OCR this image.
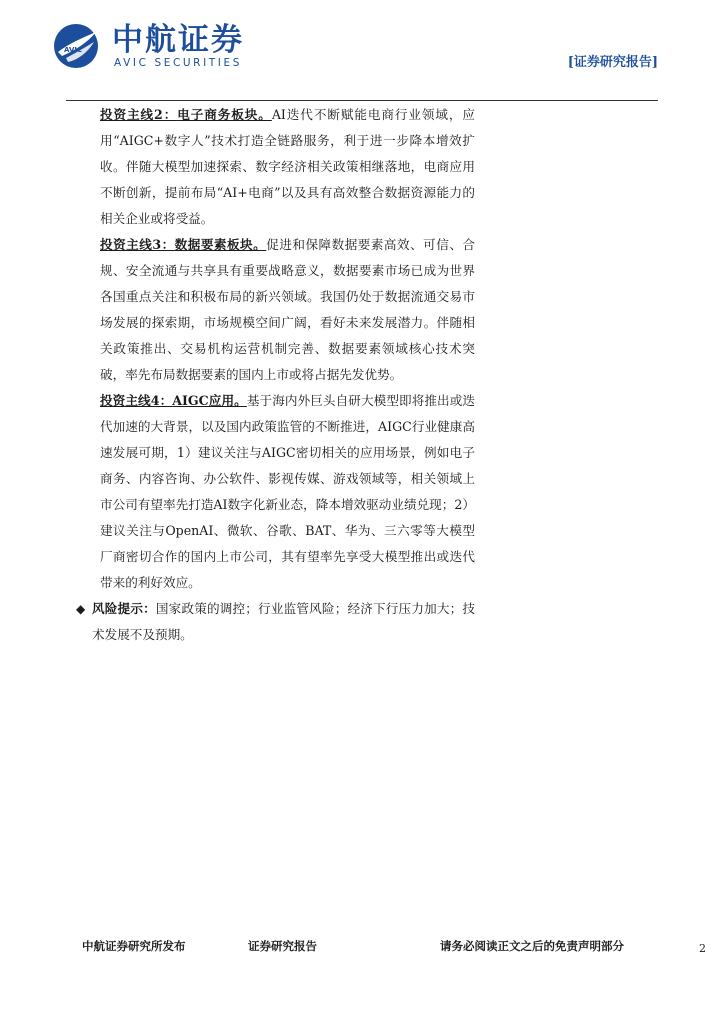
AVIC 中航证券
AVIC SECURITIES	[证券研究报告]

投资主线2：电子商务板块。AI迭代不断赋能电商行业领域，应用“AIGC+数字人”技术打造全链路服务，利于进一步降本增效扩收。伴随大模型加速探索、数字经济相关政策相继落地，电商应用不断创新，提前布局“AI+电商”以及具有高效整合数据资源能力的相关企业或将受益。

投资主线3：数据要素板块。促进和保障数据要素高效、可信、合规、安全流通与共享具有重要战略意义，数据要素市场已成为世界各国重点关注和积极布局的新兴领域。我国仍处于数据流通交易市场发展的探索期，市场规模空间广阔，看好未来发展潜力。伴随相关政策推出、交易机构运营机制完善、数据要素领域核心技术突破，率先布局数据要素的国内上市或将占据先发优势。

投资主线4：AIGC应用。基于海内外巨头自研大模型即将推出或迭代加速的大背景，以及国内政策监管的不断推进，AIGC行业健康高速发展可期，1）建议关注与AIGC密切相关的应用场景，例如电子商务、内容咨询、办公软件、影视传媒、游戏领域等，相关领域上市公司有望率先打造AI数字化新业态，降本增效驱动业绩兑现；2）建议关注与OpenAI、微软、谷歌、BAT、华为、三六零等大模型厂商密切合作的国内上市公司，其有望率先享受大模型推出或迭代带来的利好效应。

◆ 风险提示：国家政策的调控；行业监管风险；经济下行压力加大；技术发展不及预期。

中航证券研究所发布	证券研究报告	请务必阅读正文之后的免责声明部分	2
